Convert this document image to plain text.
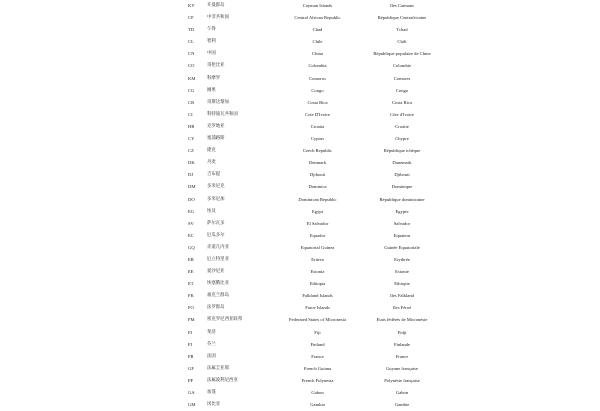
KY	开曼群岛	Cayman Islands	Iles Caimans
CF	中非共和国	Central African Republic	République Centrafricaine
TD	乍得	Chad	Tchad
CL	智利	Chile	Chili
CN	中国	China	République populaire de Chine
CO	哥伦比亚	Colombia	Colombie
KM	科摩罗	Comoros	Comores
CG	刚果	Congo	Congo
CR	哥斯达黎加	Costa Rica	Costa Rica
CI	科特迪瓦共和国	Cote D'Ivoire	Côte d'Ivoire
HR	克罗地亚	Croatia	Croatie
CY	塞浦路斯	Cyprus	Chypre
CZ	捷克	Czech Republic	République tchèque
DK	丹麦	Denmark	Danemark
DJ	吉布提	Djibouti	Djibouti
DM	多米尼克	Dominica	Dominique
DO	多米尼加	Dominican Republic	République dominicaine
EG	埃及	Egypt	Egypte
SV	萨尔瓦多	El Salvador	Salvador
EC	厄瓜多尔	Equador	Equateur
GQ	赤道几内亚	Equatorial Guinea	Guinée Equatoriale
ER	厄立特里亚	Eritrea	Erythrée
EE	爱沙尼亚	Estonia	Estonie
ET	埃塞俄比亚	Ethiopia	Ethiopie
FK	福克兰群岛	Falkland Islands	Iles Falkland
FO	法罗群岛	Faroe Islands	Iles Féroé
FM	密克罗尼西亚联邦	Federated States of Micronesia	Etats fédérés de Micronésie
FJ	斐济	Fiji	Fidji
FI	芬兰	Finland	Finlande
FR	法国	France	France
GF	法属圭亚那	French Guiana	Guyane française
PF	法属波利尼西亚	French Polynesia	Polynésie française
GA	加蓬	Gabon	Gabon
GM	冈比亚	Gambia	Gambie
